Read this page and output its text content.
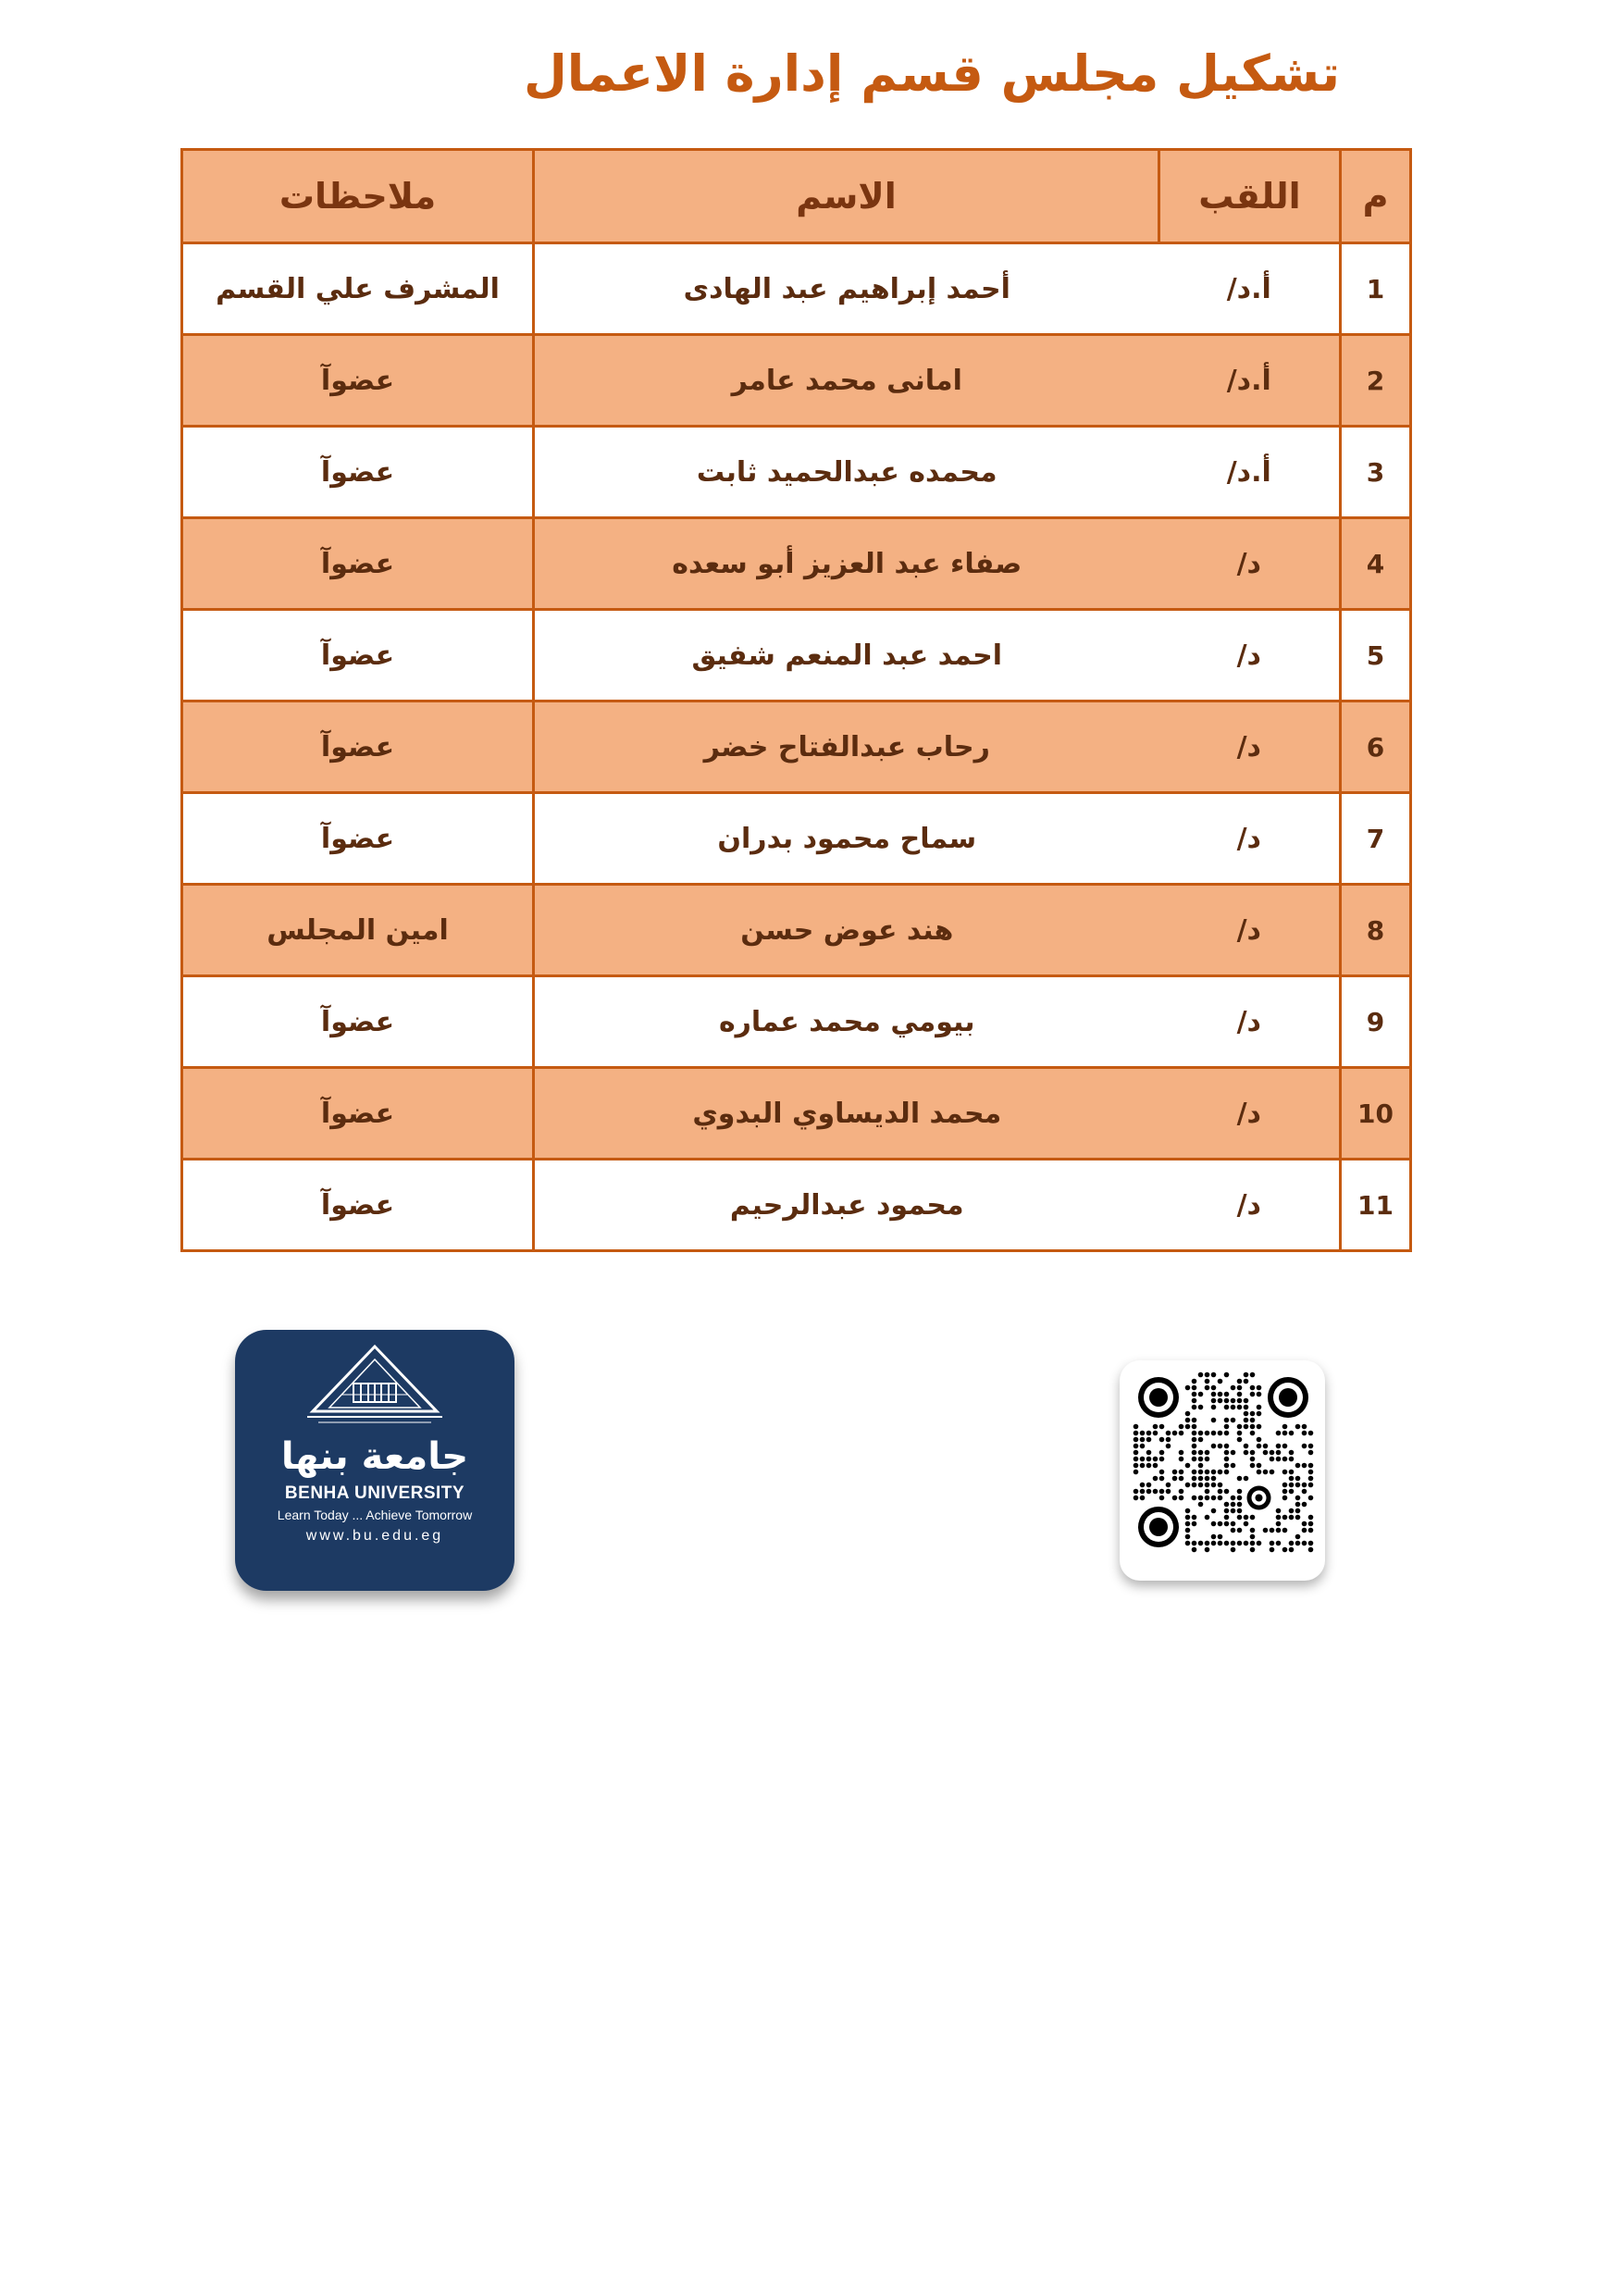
تشكيل مجلس قسم إدارة الاعمال
م	اللقب	الاسم	ملاحظات
1	أ.د/	أحمد إبراهيم عبد الهادى	المشرف علي القسم
2	أ.د/	امانى محمد عامر	عضوآ
3	أ.د/	محمده عبدالحميد ثابت	عضوآ
4	د/	صفاء عبد العزيز أبو سعده	عضوآ
5	د/	احمد عبد المنعم شفيق	عضوآ
6	د/	رحاب عبدالفتاح خضر	عضوآ
7	د/	سماح محمود بدران	عضوآ
8	د/	هند عوض حسن	امين المجلس
9	د/	بيومي محمد عماره	عضوآ
10	د/	محمد الديساوي البدوي	عضوآ
11	د/	محمود عبدالرحيم	عضوآ
جامعة بنها
BENHA UNIVERSITY
Learn Today ... Achieve Tomorrow
www.bu.edu.eg
